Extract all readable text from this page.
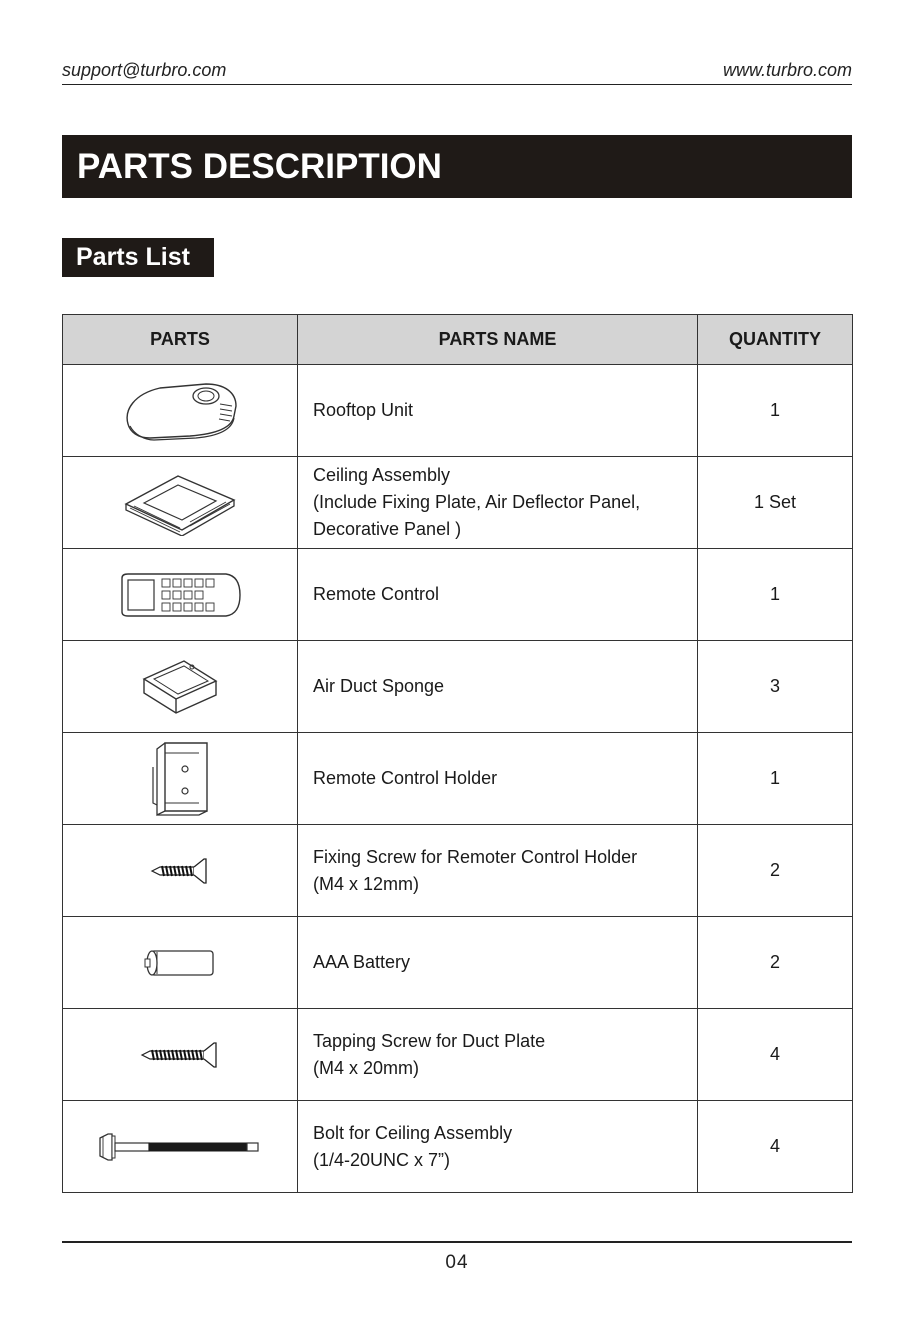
support@turbro.com	www.turbro.com
PARTS DESCRIPTION
Parts List
PARTS	PARTS NAME	QUANTITY

Rooftop Unit	1

Ceiling Assembly
(Include Fixing Plate, Air Deflector Panel,
Decorative Panel )	1 Set

Remote Control	1

Air Duct Sponge	3

Remote Control Holder	1

Fixing Screw for Remoter Control Holder
(M4 x 12mm)	2

AAA Battery	2

Tapping Screw for Duct Plate
(M4 x 20mm)	4

Bolt for Ceiling Assembly
(1/4-20UNC x 7”)	4
04
